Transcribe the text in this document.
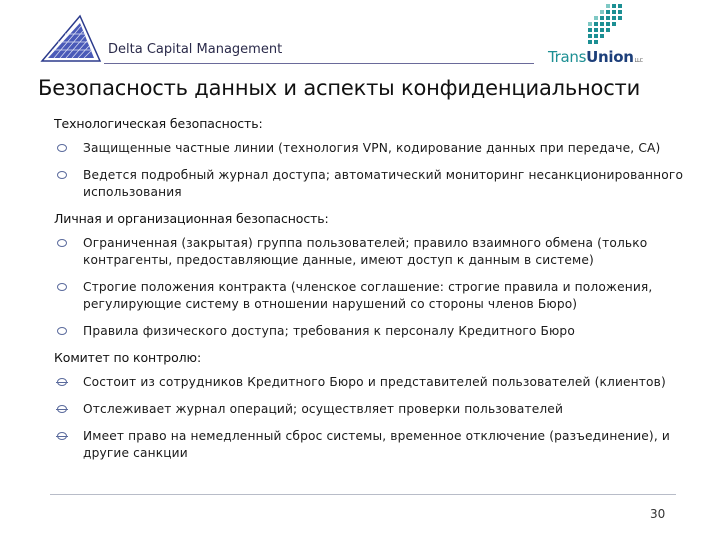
Delta Capital Management	TransUnionLLC
Безопасность данных и аспекты конфиденциальности
Технологическая безопасность:
Защищенные частные линии (технология VPN, кодирование данных при передаче, CA)
Ведется подробный журнал доступа; автоматический мониторинг несанкционированного использования
Личная и организационная безопасность:
Ограниченная (закрытая) группа пользователей; правило взаимного обмена (только контрагенты, предоставляющие данные, имеют доступ к данным в системе)
Строгие положения контракта (членское соглашение: строгие правила и положения, регулирующие систему в отношении нарушений со стороны членов Бюро)
Правила физического доступа; требования к персоналу Кредитного Бюро
Комитет по контролю:
Состоит из сотрудников Кредитного Бюро и представителей пользователей (клиентов)
Отслеживает журнал операций; осуществляет проверки пользователей
Имеет право на немедленный сброс системы, временное отключение (разъединение), и другие санкции
30
